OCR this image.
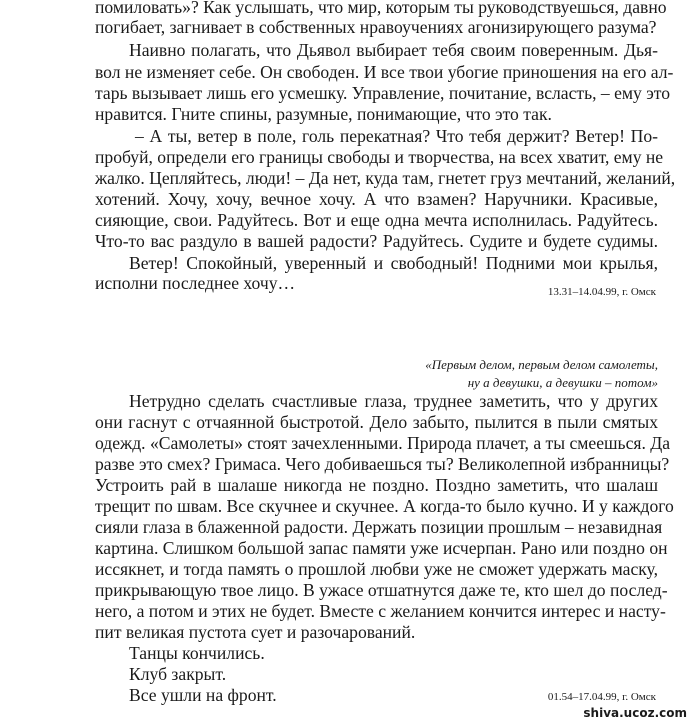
помиловать»? Как услышать, что мир, которым ты руководствуешься, давно
погибает, загнивает в собственных нравоучениях агонизирующего разума?
Наивно полагать, что Дьявол выбирает тебя своим поверенным. Дья-
вол не изменяет себе. Он свободен. И все твои убогие приношения на его ал-
тарь вызывает лишь его усмешку. Управление, почитание, всласть, – ему это
нравится. Гните спины, разумные, понимающие, что это так.
– А ты, ветер в поле, голь перекатная? Что тебя держит? Ветер! По-
пробуй, определи его границы свободы и творчества, на всех хватит, ему не
жалко. Цепляйтесь, люди! – Да нет, куда там, гнетет груз мечтаний, желаний,
хотений. Хочу, хочу, вечное хочу. А что взамен? Наручники. Красивые,
сияющие, свои. Радуйтесь. Вот и еще одна мечта исполнилась. Радуйтесь.
Что-то вас раздуло в вашей радости? Радуйтесь. Судите и будете судимы.
Ветер! Спокойный, уверенный и свободный! Подними мои крылья,
исполни последнее хочу…	13.31–14.04.99, г. Омск
«Первым делом, первым делом самолеты,
ну а девушки, а девушки – потом»
Нетрудно сделать счастливые глаза, труднее заметить, что у других
они гаснут с отчаянной быстротой. Дело забыто, пылится в пыли смятых
одежд. «Самолеты» стоят зачехленными. Природа плачет, а ты смеешься. Да
разве это смех? Гримаса. Чего добиваешься ты? Великолепной избранницы?
Устроить рай в шалаше никогда не поздно. Поздно заметить, что шалаш
трещит по швам. Все скучнее и скучнее. А когда-то было кучно. И у каждого
сияли глаза в блаженной радости. Держать позиции прошлым – незавидная
картина. Слишком большой запас памяти уже исчерпан. Рано или поздно он
иссякнет, и тогда память о прошлой любви уже не сможет удержать маску,
прикрывающую твое лицо. В ужасе отшатнутся даже те, кто шел до послед-
него, а потом и этих не будет. Вместе с желанием кончится интерес и насту-
пит великая пустота сует и разочарований.
Танцы кончились.
Клуб закрыт.
Все ушли на фронт.	01.54–17.04.99, г. Омск
shiva.ucoz.com
